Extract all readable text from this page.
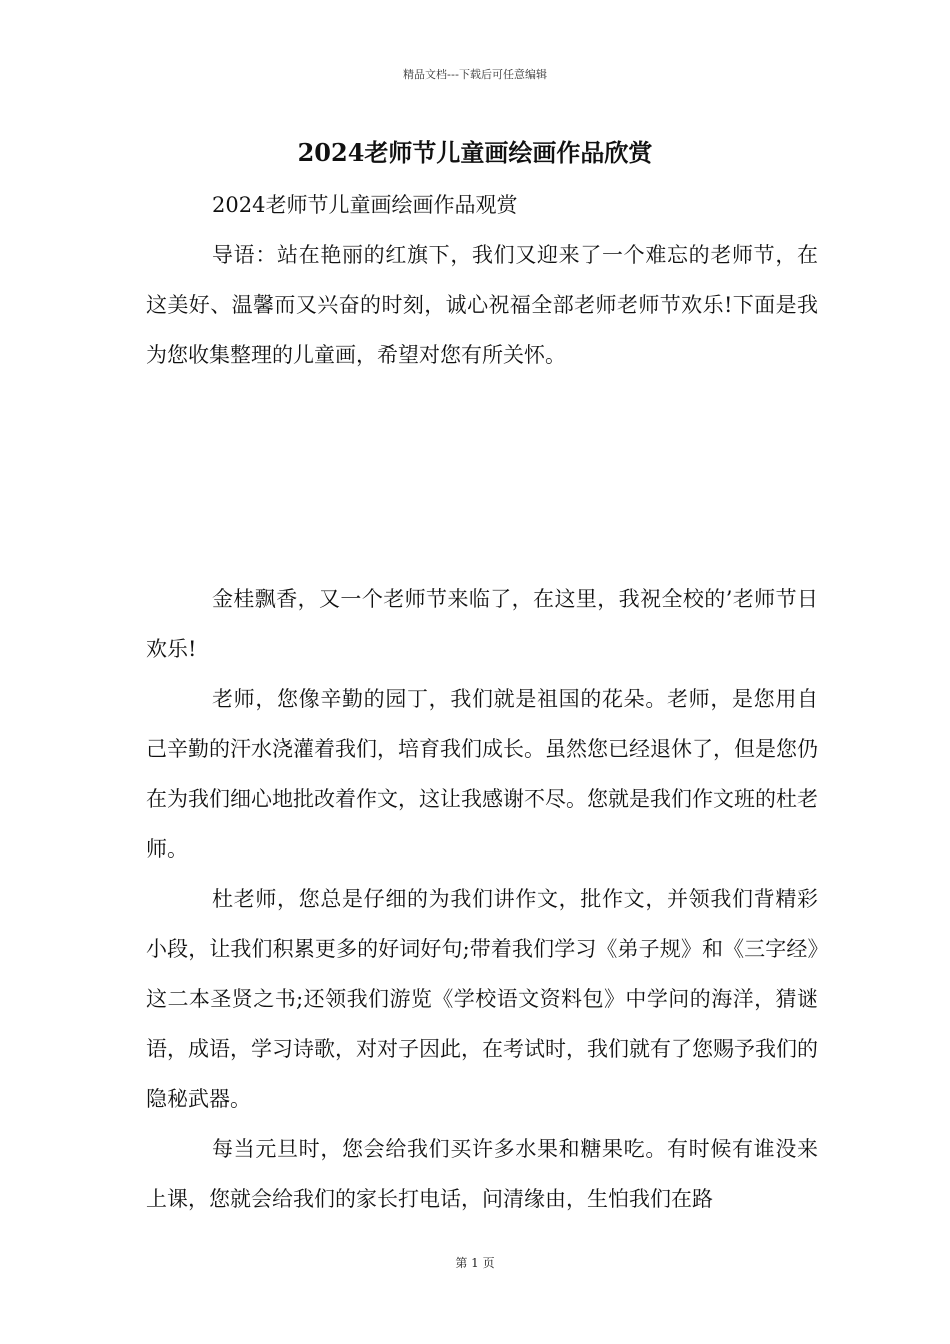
精品文档---下载后可任意编辑
2024老师节儿童画绘画作品欣赏

2024老师节儿童画绘画作品观赏

导语：站在艳丽的红旗下，我们又迎来了一个难忘的老师节，在这美好、温馨而又兴奋的时刻，诚心祝福全部老师老师节欢乐!下面是我为您收集整理的儿童画，希望对您有所关怀。

金桂飘香，又一个老师节来临了，在这里，我祝全校的’老师节日欢乐!

老师，您像辛勤的园丁，我们就是祖国的花朵。老师，是您用自己辛勤的汗水浇灌着我们，培育我们成长。虽然您已经退休了，但是您仍在为我们细心地批改着作文，这让我感谢不尽。您就是我们作文班的杜老师。

杜老师，您总是仔细的为我们讲作文，批作文，并领我们背精彩小段，让我们积累更多的好词好句;带着我们学习《弟子规》和《三字经》这二本圣贤之书;还领我们游览《学校语文资料包》中学问的海洋，猜谜语，成语，学习诗歌，对对子因此，在考试时，我们就有了您赐予我们的隐秘武器。

每当元旦时，您会给我们买许多水果和糖果吃。有时候有谁没来上课，您就会给我们的家长打电话，问清缘由，生怕我们在路

第 1 页
